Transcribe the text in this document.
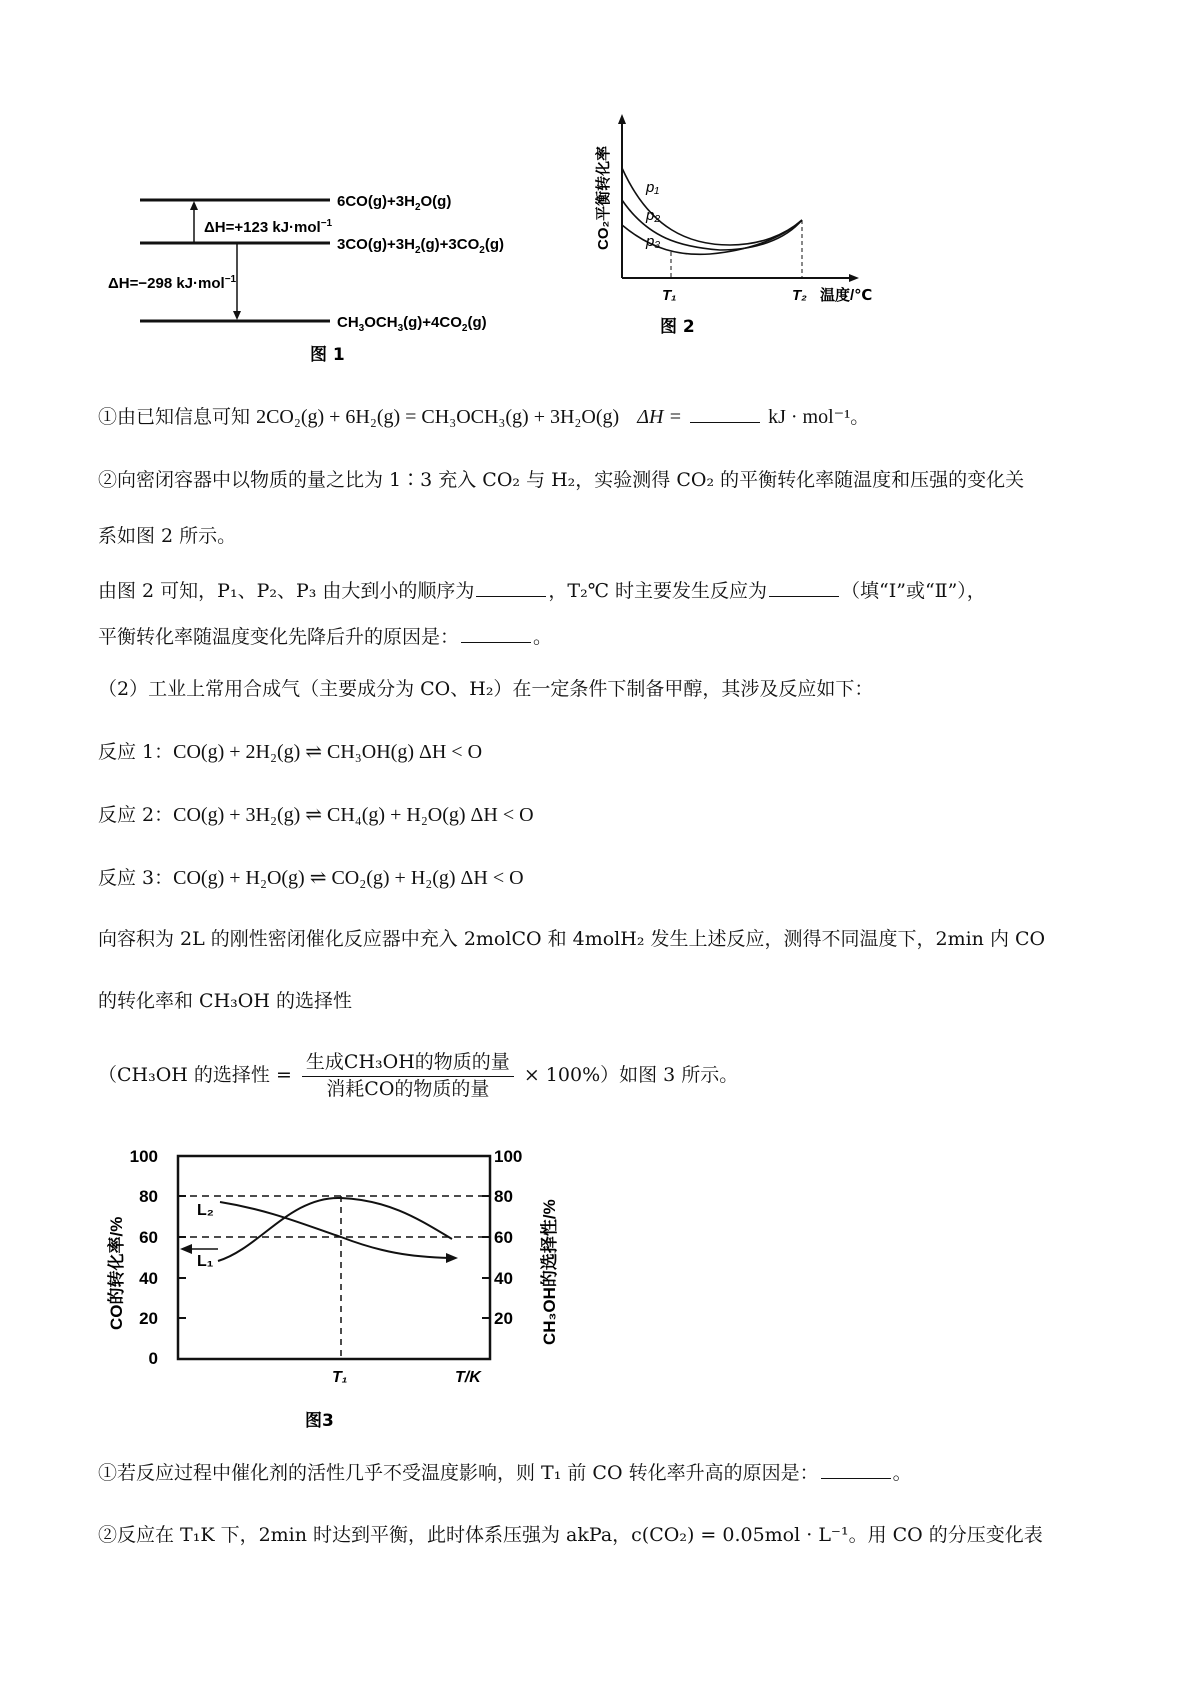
$6CO(g)+3H_2O(g)$
$3CO(g)+3H_2(g)+3CO_2(g)$
$CH_3OCH_3(g)+4CO_2(g)$
ΔH=+123 kJ·mol$^{-1}$
ΔH=−298 kJ·mol$^{-1}$
图 1
p₁
p₂
p₃
T₁	T₂ 温度/℃
CO₂平衡转化率
图 2
①由已知信息可知 2CO₂(g) + 6H₂(g) = CH₃OCH₃(g) + 3H₂O(g) ΔH =	kJ · mol⁻¹。
②向密闭容器中以物质的量之比为 1∶3 充入 CO₂ 与 H₂，实验测得 CO₂ 的平衡转化率随温度和压强的变化关
系如图 2 所示。
由图 2 可知，P₁、P₂、P₃ 由大到小的顺序为	，T₂℃ 时主要发生反应为	（填“Ⅰ”或“Ⅱ”），
平衡转化率随温度变化先降后升的原因是：	。
（2）工业上常用合成气（主要成分为 CO、H₂）在一定条件下制备甲醇，其涉及反应如下：
反应 1：CO(g) + 2H₂(g) ⇌ CH₃OH(g) ΔH < O
反应 2：CO(g) + 3H₂(g) ⇌ CH₄(g) + H₂O(g) ΔH < O
反应 3：CO(g) + H₂O(g) ⇌ CO₂(g) + H₂(g) ΔH < O
向容积为 2L 的刚性密闭催化反应器中充入 2molCO 和 4molH₂ 发生上述反应，测得不同温度下，2min 内 CO
的转化率和 CH₃OH 的选择性
（CH₃OH 的选择性 = $\frac{\text{生成CH₃OH的物质的量}}{\text{消耗CO的物质的量}} \times 100\%$）如图 3 所示。
100
80
60
40
20
0
100
80
60
40
20
L₂
L₁
T₁	T/K
CO的转化率/%	CH₃OH的选择性/%
图3
①若反应过程中催化剂的活性几乎不受温度影响，则 T₁ 前 CO 转化率升高的原因是：	。
②反应在 T₁K 下，2min 时达到平衡，此时体系压强为 akPa，c(CO₂) = 0.05mol · L⁻¹。用 CO 的分压变化表
